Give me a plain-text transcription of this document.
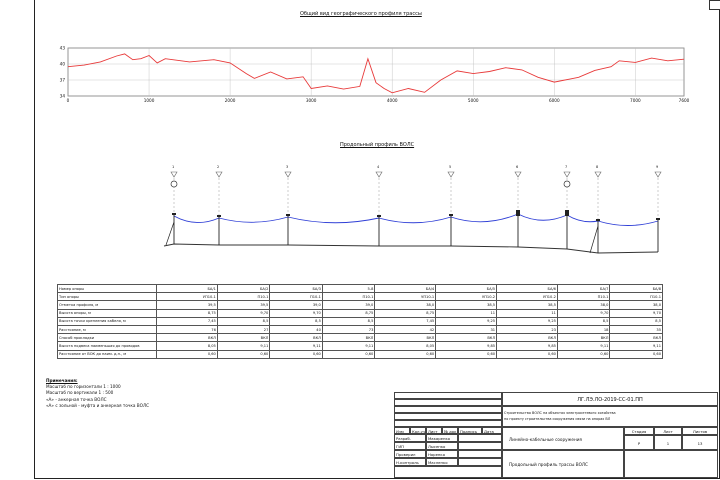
Общий вид географического профиля трассы
43
40
37
34
0	1000	2000	3000	4000	5000	6000	7000	7600
Продольный профиль ВОЛС
1	2	3	4	5	6	7	8	9
Номер опоры	БА/1	БА/2	БА/3	5-8	БА/4	БА/5	БА/6	БА/7	БА/8
Тип опоры	УП10-1	П10-1	П10-1	П10-1	УП10-1	УП10-2	УП10-2	П10-1	П10-1
Отметка профиля, м	39,5	39,5	39,0	39,0	38,0	38,5	38,5	38,0	38,0
Высота опоры, м	8,75	9,70	9,70	8,75	8,75	11	11	9,70	9,70
Высота точки крепления кабеля, м	7,45	8,5	8,5	8,5	7,45	9,25	9,25	8,5	8,5
Расстояние, м	76	27	40	73	42	31	23	18	35
Способ прокладки	ВКЛ	ВКЛ	ВКЛ	ВКЛ	ВКЛ	ВКЛ	ВКЛ	ВКЛ	ВКЛ
Высота подвеса наименьшая до проводов	8,05	9,11	9,11	9,11	8,05	9,85	9,85	9,11	9,11
Расстояние от ВОК до наим. д.н., м	0,60	0,60	0,60	0,60	0,60	0,60	0,60	0,60	0,60
Примечания:
Масштаб по горизонтали 1 : 1000
Масштаб по вертикали 1 : 500
«А» - анкерная точка ВОЛС
«А» с зольной - муфта и анкерная точка ВОЛС
Изм	Кол.уч Лист	№ док Подпись	Дата
Разраб.	Макаренко
ГИП	Лысенко
Проверил	Норенко
Н.контроль	Масленко
ЛГ.ЛЭ.ЛО-2019-СС-01.ПП
Строительство ВОЛС на объектах электросетевого хозяйства
по проекту строительства сооружения связи на опорах ВЛ
Линейно-кабельные сооружения
Стадия	Лист	Листов
Р	1	13
Продольный профиль трассы ВОЛС
